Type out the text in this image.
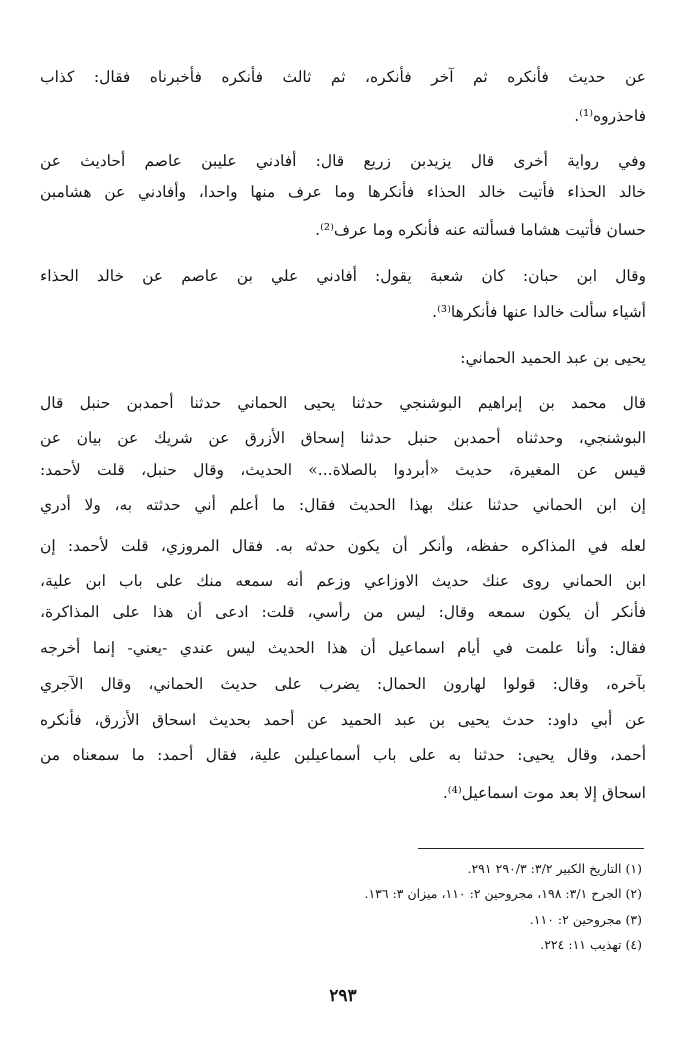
عن حديث فأنكره ثم آخر فأنكره، ثم ثالث فأنكره فأخبرناه فقال: كذاب
فاحذروه⁽¹⁾.
وفي رواية أخرى قال يزيدبن زريع قال: أفادني عليبن عاصم أحاديث عن
خالد الحذاء فأتيت خالد الحذاء فأنكرها وما عرف منها واحدا، وأفادني عن هشامبن
حسان فأتيت هشاما فسألته عنه فأنكره وما عرف⁽²⁾.
وقال ابن حبان: كان شعبة يقول: أفادني علي بن عاصم عن خالد الحذاء
أشياء سألت خالدا عنها فأنكرها⁽³⁾.
يحيى بن عبد الحميد الحماني:
قال محمد بن إبراهيم البوشنجي حدثنا يحيى الحماني حدثنا أحمدبن حنبل قال
البوشنجي، وحدثناه أحمدبن حنبل حدثنا إسحاق الأزرق عن شريك عن بيان عن
قيس عن المغيرة، حديث «أبردوا بالصلاة...» الحديث، وقال حنبل، قلت لأحمد:
إن ابن الحماني حدثنا عنك بهذا الحديث فقال: ما أعلم أني حدثته به، ولا أدري
لعله في المذاكره حفظه، وأنكر أن يكون حدثه به. فقال المروزي، قلت لأحمد: إن
ابن الحماني روى عنك حديث الاوزاعي وزعم أنه سمعه منك على باب ابن علية،
فأنكر أن يكون سمعه وقال: ليس من رأسي، قلت: ادعى أن هذا على المذاكرة،
فقال: وأنا علمت في أيام اسماعيل أن هذا الحديث ليس عندي -يعني- إنما أخرجه
بآخره، وقال: قولوا لهارون الحمال: يضرب على حديث الحماني، وقال الآجري
عن أبي داود: حدث يحيى بن عبد الحميد عن أحمد بحديث اسحاق الأزرق، فأنكره
أحمد، وقال يحيى: حدثنا به على باب أسماعيلبن علية، فقال أحمد: ما سمعناه من
اسحاق إلا بعد موت اسماعيل⁽⁴⁾.
(١) التاريخ الكبير ٣/٢: ٢٩٠/٣ ٢٩١.
(٢) الجرح ٣/١: ١٩٨، مجروحين ٢: ١١٠، ميزان ٣: ١٣٦.
(٣) مجروحين ٢: ١١٠.
(٤) تهذيب ١١: ٢٢٤.
٢٩٣
